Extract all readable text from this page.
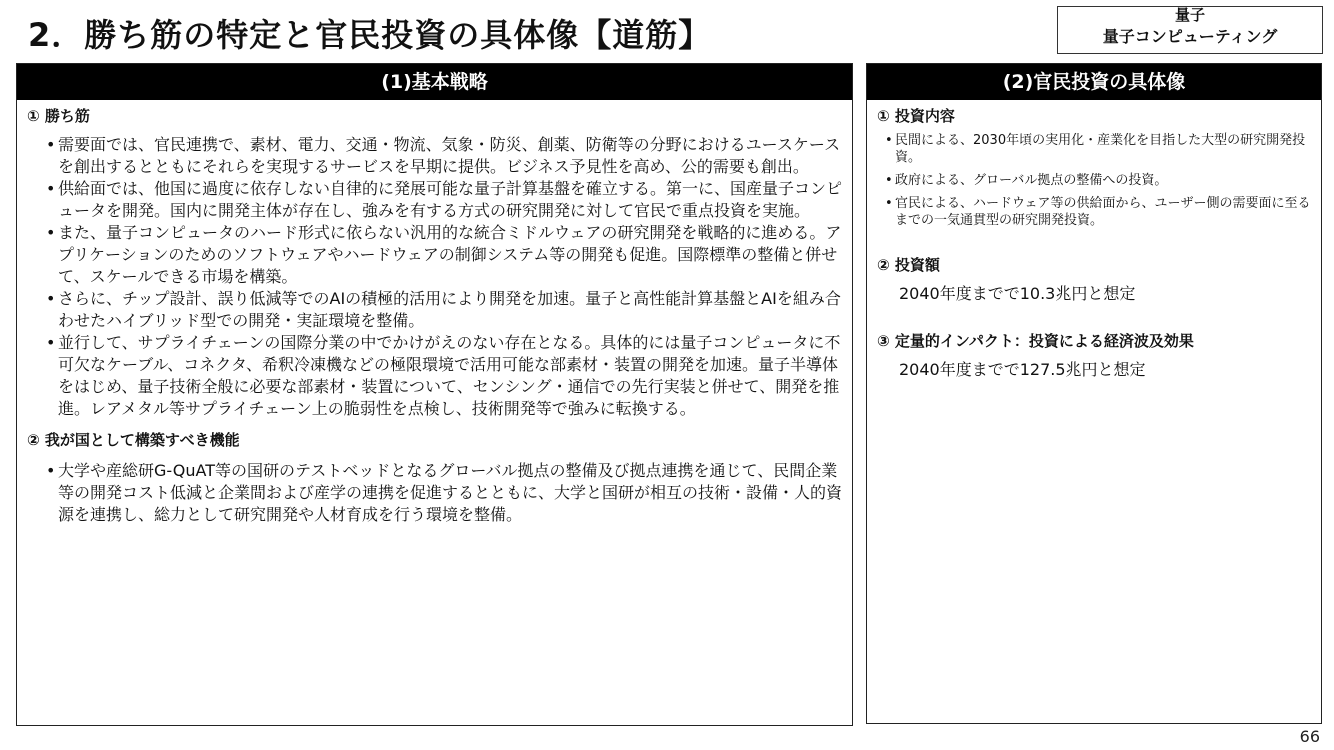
2．勝ち筋の特定と官民投資の具体像【道筋】
量子
量子コンピューティング
(1)基本戦略
① 勝ち筋
• 需要面では、官民連携で、素材、電力、交通・物流、気象・防災、創薬、防衛等の分野におけるユースケースを創出するとともにそれらを実現するサービスを早期に提供。ビジネス予見性を高め、公的需要も創出。
• 供給面では、他国に過度に依存しない自律的に発展可能な量子計算基盤を確立する。第一に、国産量子コンピュータを開発。国内に開発主体が存在し、強みを有する方式の研究開発に対して官民で重点投資を実施。
• また、量子コンピュータのハード形式に依らない汎用的な統合ミドルウェアの研究開発を戦略的に進める。アプリケーションのためのソフトウェアやハードウェアの制御システム等の開発も促進。国際標準の整備と併せて、スケールできる市場を構築。
• さらに、チップ設計、誤り低減等でのAIの積極的活用により開発を加速。量子と高性能計算基盤とAIを組み合わせたハイブリッド型での開発・実証環境を整備。
• 並行して、サプライチェーンの国際分業の中でかけがえのない存在となる。具体的には量子コンピュータに不可欠なケーブル、コネクタ、希釈冷凍機などの極限環境で活用可能な部素材・装置の開発を加速。量子半導体をはじめ、量子技術全般に必要な部素材・装置について、センシング・通信での先行実装と併せて、開発を推進。レアメタル等サプライチェーン上の脆弱性を点検し、技術開発等で強みに転換する。
② 我が国として構築すべき機能
• 大学や産総研G-QuAT等の国研のテストベッドとなるグローバル拠点の整備及び拠点連携を通じて、民間企業等の開発コスト低減と企業間および産学の連携を促進するとともに、大学と国研が相互の技術・設備・人的資源を連携し、総力として研究開発や人材育成を行う環境を整備。
(2)官民投資の具体像
① 投資内容
• 民間による、2030年頃の実用化・産業化を目指した大型の研究開発投資。
• 政府による、グローバル拠点の整備への投資。
• 官民による、ハードウェア等の供給面から、ユーザー側の需要面に至るまでの一気通貫型の研究開発投資。
② 投資額
2040年度までで10.3兆円と想定
③ 定量的インパクト：投資による経済波及効果
2040年度までで127.5兆円と想定
66
